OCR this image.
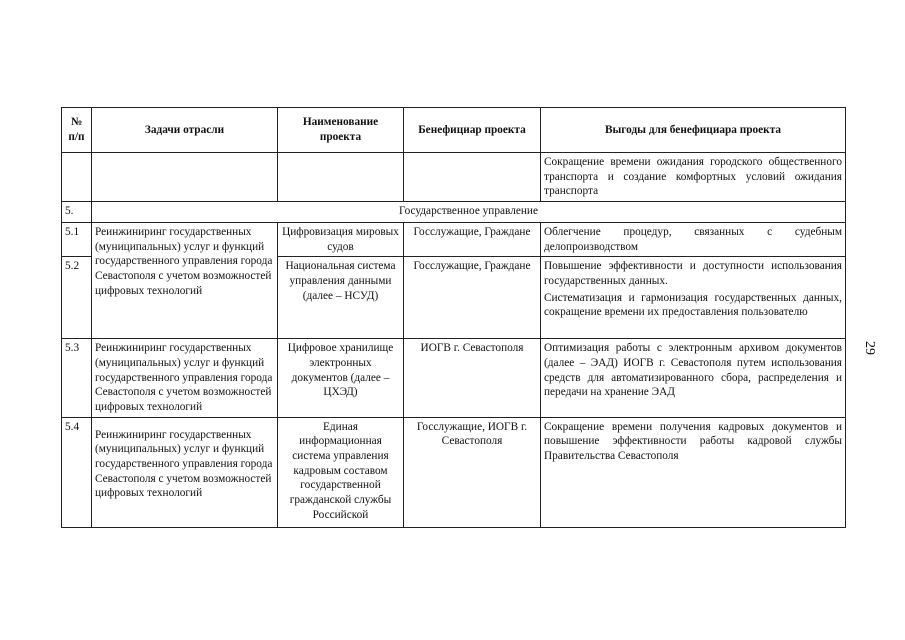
№ п/п	Задачи отрасли	Наименование проекта	Бенефициар проекта	Выгоды для бенефициара проекта
				Сокращение времени ожидания городского общественного транспорта и создание комфортных условий ожидания транспорта
5.	Государственное управление			
5.1	Реинжиниринг государственных (муниципальных) услуг и функций государственного управления города Севастополя с учетом возможностей цифровых технологий	Цифровизация мировых судов	Госслужащие, Граждане	Облегчение процедур, связанных с судебным делопроизводством
5.2		Национальная система управления данными (далее – НСУД)	Госслужащие, Граждане	Повышение эффективности и доступности использования государственных данных.
Систематизация и гармонизация государственных данных, сокращение времени их предоставления пользователю

5.3	Реинжиниринг государственных (муниципальных) услуг и функций государственного управления города Севастополя с учетом возможностей цифровых технологий	Цифровое хранилище электронных документов (далее – ЦХЭД)	ИОГВ г. Севастополя	Оптимизация работы с электронным архивом документов (далее – ЭАД) ИОГВ г. Севастополя путем использования средств для автоматизированного сбора, распределения и передачи на хранение ЭАД
5.4	Реинжиниринг государственных (муниципальных) услуг и функций государственного управления города Севастополя с учетом возможностей цифровых технологий	Единая информационная система управления кадровым составом государственной гражданской службы Российской	Госслужащие, ИОГВ г. Севастополя	Сокращение времени получения кадровых документов и повышение эффективности работы кадровой службы Правительства Севастополя
29
